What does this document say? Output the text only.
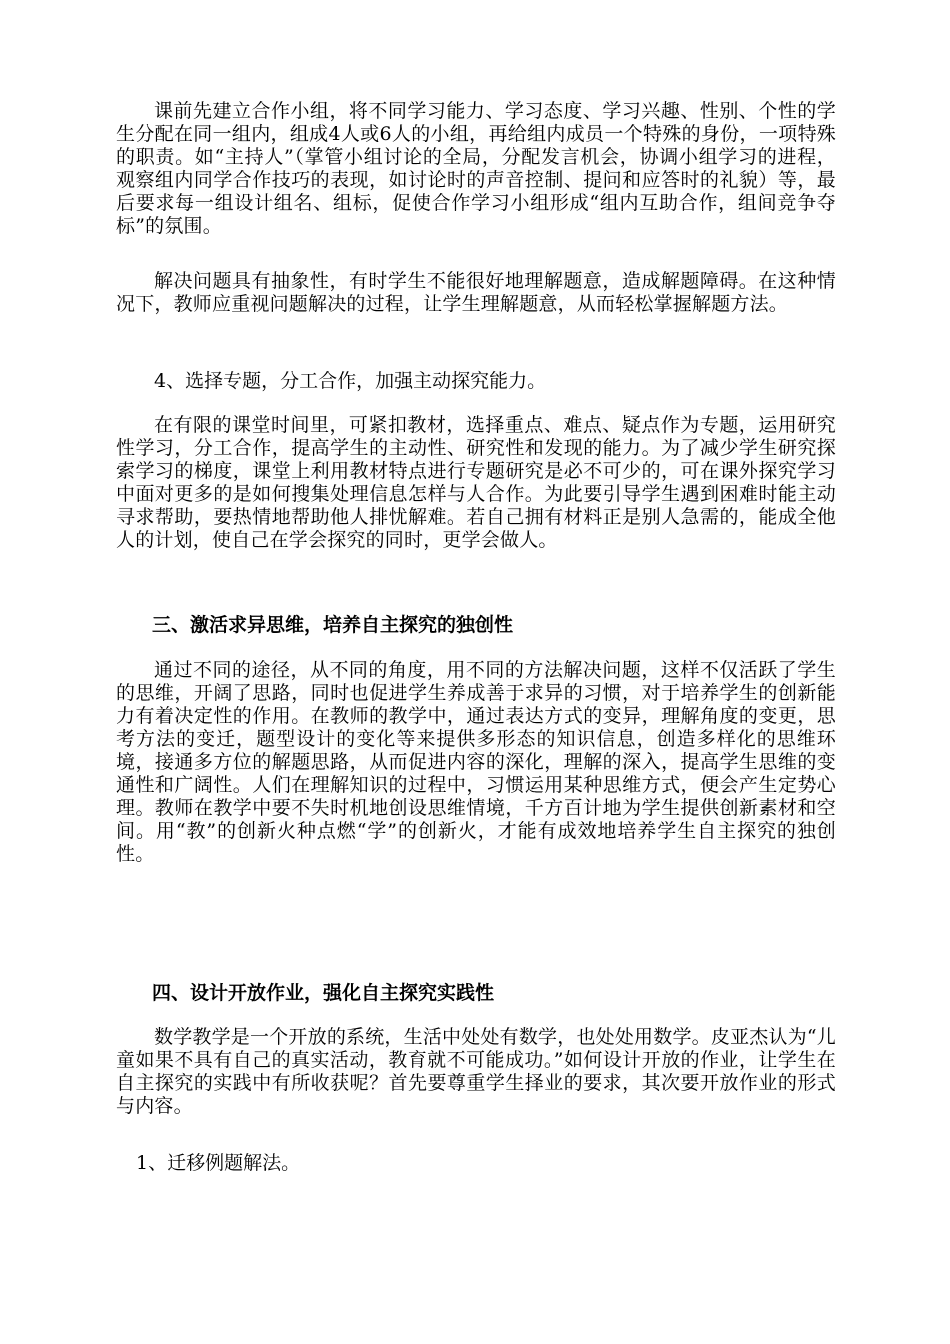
课前先建立合作小组，将不同学习能力、学习态度、学习兴趣、性别、个性的学生分配在同一组内，组成4人或6人的小组，再给组内成员一个特殊的身份，一项特殊的职责。如“主持人”（掌管小组讨论的全局，分配发言机会，协调小组学习的进程，观察组内同学合作技巧的表现，如讨论时的声音控制、提问和应答时的礼貌）等，最后要求每一组设计组名、组标，促使合作学习小组形成“组内互助合作，组间竞争夺标”的氛围。

解决问题具有抽象性，有时学生不能很好地理解题意，造成解题障碍。在这种情况下，教师应重视问题解决的过程，让学生理解题意，从而轻松掌握解题方法。

4、选择专题，分工合作，加强主动探究能力。

在有限的课堂时间里，可紧扣教材，选择重点、难点、疑点作为专题，运用研究性学习，分工合作，提高学生的主动性、研究性和发现的能力。为了减少学生研究探索学习的梯度，课堂上利用教材特点进行专题研究是必不可少的，可在课外探究学习中面对更多的是如何搜集处理信息怎样与人合作。为此要引导学生遇到困难时能主动寻求帮助，要热情地帮助他人排忧解难。若自己拥有材料正是别人急需的，能成全他人的计划，使自己在学会探究的同时，更学会做人。

三、激活求异思维，培养自主探究的独创性

通过不同的途径，从不同的角度，用不同的方法解决问题，这样不仅活跃了学生的思维，开阔了思路，同时也促进学生养成善于求异的习惯，对于培养学生的创新能力有着决定性的作用。在教师的教学中，通过表达方式的变异，理解角度的变更，思考方法的变迁，题型设计的变化等来提供多形态的知识信息，创造多样化的思维环境，接通多方位的解题思路，从而促进内容的深化，理解的深入，提高学生思维的变通性和广阔性。人们在理解知识的过程中，习惯运用某种思维方式，便会产生定势心理。教师在教学中要不失时机地创设思维情境，千方百计地为学生提供创新素材和空间。用“教”的创新火种点燃“学”的创新火，才能有成效地培养学生自主探究的独创性。

四、设计开放作业，强化自主探究实践性

数学教学是一个开放的系统，生活中处处有数学，也处处用数学。皮亚杰认为“儿童如果不具有自己的真实活动，教育就不可能成功。”如何设计开放的作业，让学生在自主探究的实践中有所收获呢？首先要尊重学生择业的要求，其次要开放作业的形式与内容。

1、迁移例题解法。
